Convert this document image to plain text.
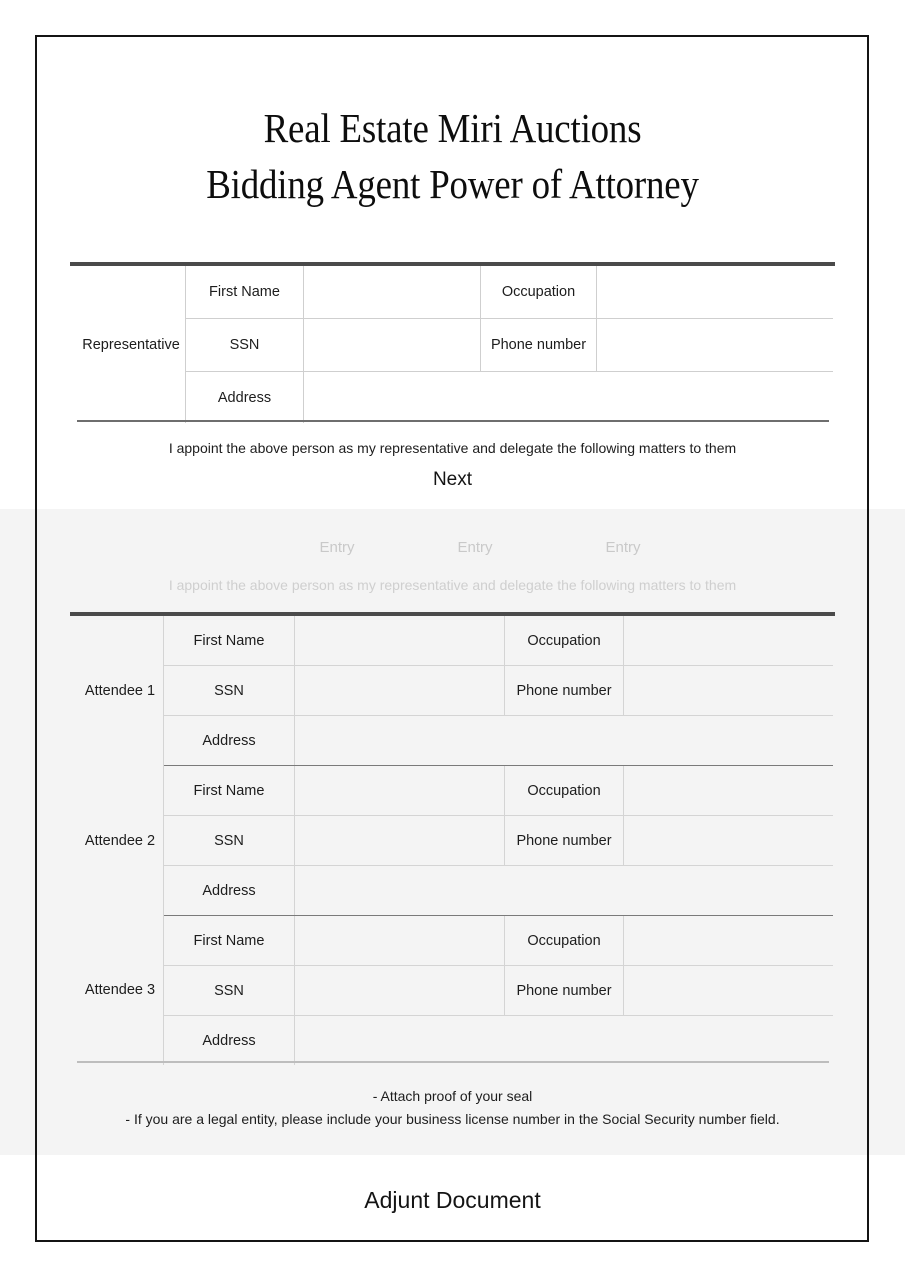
Real Estate Miri Auctions
Bidding Agent Power of Attorney
Representative	First Name		Occupation	
	SSN		Phone number	
	Address			
I appoint the above person as my representative and delegate the following matters to them
Next
Entry	Entry	Entry
I appoint the above person as my representative and delegate the following matters to them
Attendee 1	First Name		Occupation	
	SSN		Phone number	
	Address			
Attendee 2	First Name		Occupation	
	SSN		Phone number	
	Address			
Attendee 3	First Name		Occupation	
	SSN		Phone number	
	Address			
- Attach proof of your seal
- If you are a legal entity, please include your business license number in the Social Security number field.
Adjunt Document
